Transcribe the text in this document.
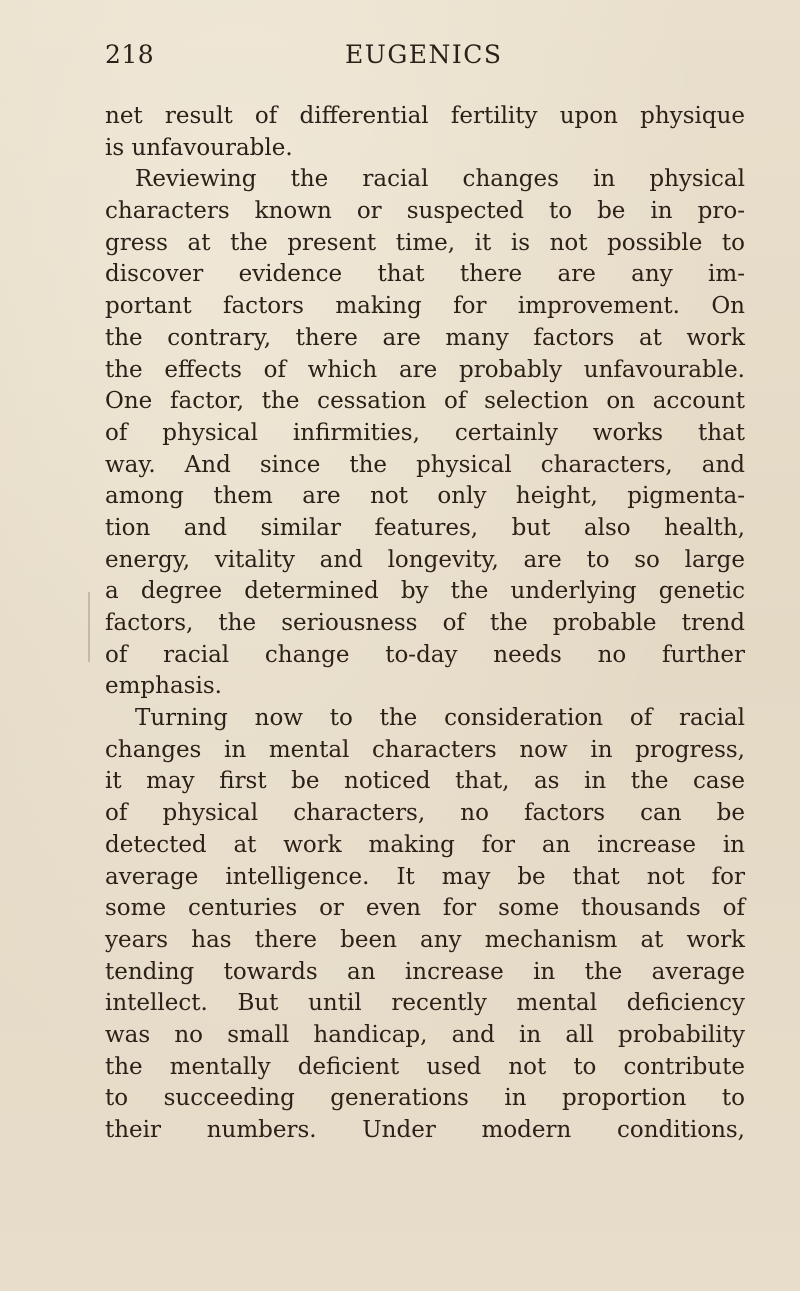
218	EUGENICS
net result of differential fertility upon physique
is unfavourable.
Reviewing the racial changes in physical
characters known or suspected to be in pro-
gress at the present time, it is not possible to
discover evidence that there are any im-
portant factors making for improvement. On
the contrary, there are many factors at work
the effects of which are probably unfavourable.
One factor, the cessation of selection on account
of physical infirmities, certainly works that
way. And since the physical characters, and
among them are not only height, pigmenta-
tion and similar features, but also health,
energy, vitality and longevity, are to so large
a degree determined by the underlying genetic
factors, the seriousness of the probable trend
of racial change to-day needs no further
emphasis.
Turning now to the consideration of racial
changes in mental characters now in progress,
it may first be noticed that, as in the case
of physical characters, no factors can be
detected at work making for an increase in
average intelligence. It may be that not for
some centuries or even for some thousands of
years has there been any mechanism at work
tending towards an increase in the average
intellect. But until recently mental deficiency
was no small handicap, and in all probability
the mentally deficient used not to contribute
to succeeding generations in proportion to
their numbers. Under modern conditions,
